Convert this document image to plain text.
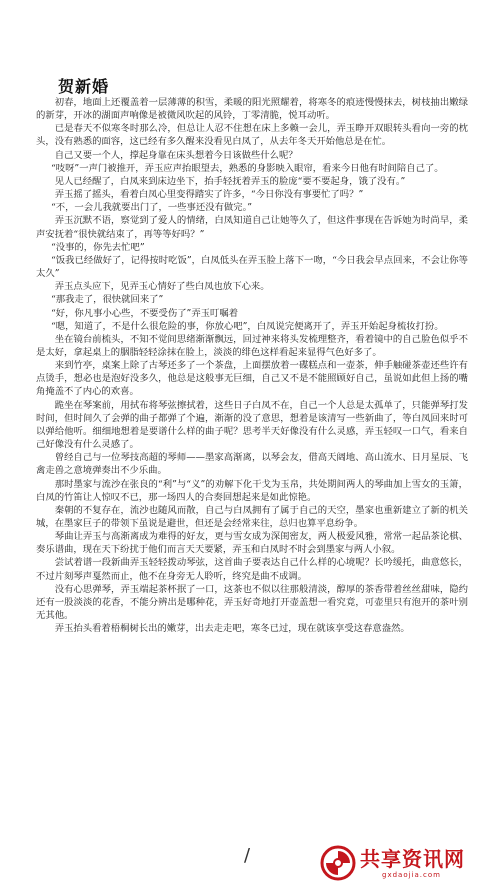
贺新婚

初春，地面上还覆盖着一层薄薄的积雪，柔暖的阳光照耀着，将寒冬的痕迹慢慢抹去，树枝抽出嫩绿的新芽，开冰的湖面声响像是被微风吹起的风铃，丁零清脆，悦耳动听。

已是春天不似寒冬时那么冷，但总让人忍不住想在床上多赖一会儿，弄玉睁开双眼转头看向一旁的枕头，没有熟悉的面容，这已经有多久醒来没看见白凤了，从去年冬天开始他总是在忙。

自己又要一个人，撑起身靠在床头想着今日该做些什么呢？

“吱呀”一声门被推开，弄玉应声抬眼望去，熟悉的身影映入眼帘，看来今日他有时间陪自己了。

见人已经醒了，白凤来到床边坐下，抬手轻抚着弄玉的脸庞“要不要起身，饿了没有。”

弄玉摇了摇头，看着白凤心里变得踏实了许多，“今日你没有事要忙了吗？”

“不，一会儿我就要出门了，一些事还没有做完。”

弄玉沉默不语，察觉到了爱人的情绪，白凤知道自己让她等久了，但这件事现在告诉她为时尚早，柔声安抚着“很快就结束了，再等等好吗？”

“没事的，你先去忙吧”

“饭我已经做好了，记得按时吃饭”，白凤低头在弄玉脸上落下一吻，“今日我会早点回来，不会让你等太久”

弄玉点头应下，见弄玉心情好了些白凤也放下心来。

“那我走了，很快就回来了”

“好，你凡事小心些，不要受伤了”弄玉叮嘱着

“嗯，知道了，不是什么很危险的事，你放心吧”，白凤说完便离开了，弄玉开始起身梳妆打扮。

坐在镜台前梳头，不知不觉间思绪渐渐飘远，回过神来将头发梳理整齐，看着镜中的自己脸色似乎不是太好，拿起桌上的胭脂轻轻涂抹在脸上，淡淡的绯色这样看起来显得气色好多了。

来到竹亭，桌案上除了古琴还多了一个茶盘，上面摆放着一碟糕点和一壶茶，伸手触碰茶壶还些许有点烫手，想必也是泡好没多久，他总是这般事无巨细，自己又不是不能照顾好自己，虽说如此但上扬的嘴角掩盖不了内心的欢喜。

跪坐在琴案前，用拭布将琴弦擦拭着，这些日子白凤不在，自己一个人总是太孤单了，只能弹琴打发时间，但时间久了会弹的曲子都弹了个遍，渐渐的没了意思，想着是该清写一些新曲了，等白凤回来时可以弹给他听。细细地想着是要谱什么样的曲子呢？思考半天好像没有什么灵感，弄玉轻叹一口气，看来自己好像没有什么灵感了。

曾经自己与一位琴技高超的琴师——墨家高渐离，以琴会友，借高天阔地、高山流水、日月星辰、飞禽走兽之意境弹奏出不少乐曲。

那时墨家与流沙在张良的“利”与“义”的劝解下化干戈为玉帛，共处期间两人的琴曲加上雪女的玉箫，白凤的竹笛让人惊叹不已，那一场四人的合奏回想起来是如此惊艳。

秦朝的不复存在，流沙也随风而散，自己与白凤拥有了属于自己的天空，墨家也重新建立了新的机关城，在墨家巨子的带领下虽说是避世，但还是会经常来往，总归也算平息纷争。

琴曲让弄玉与高渐离成为难得的好友，更与雪女成为深闺密友，两人极爱风雅，常常一起品茶论棋、奏乐谱曲，现在天下纷扰于他们而言天天要紧，弄玉和白凤时不时会到墨家与两人小叙。

尝试着谱一段新曲弄玉轻轻拨动琴弦，这首曲子要表达自己什么样的心境呢？长吟缓托，曲意悠长，不过片刻琴声戛然而止，他不在身旁无人聆听，终究是曲不成调。

没有心思弹琴，弄玉端起茶杯抿了一口，这茶也不似以往那般清淡，醇厚的茶香带着丝丝甜味，隐约还有一股淡淡的花香，不能分辨出是哪种花，弄玉好奇地打开壶盖想一看究竟，可壶里只有泡开的茶叶别无其他。

弄玉抬头看着梧桐树长出的嫩芽，出去走走吧，寒冬已过，现在就该享受这春意盎然。

/	共享资讯网
gxdaojia.com
